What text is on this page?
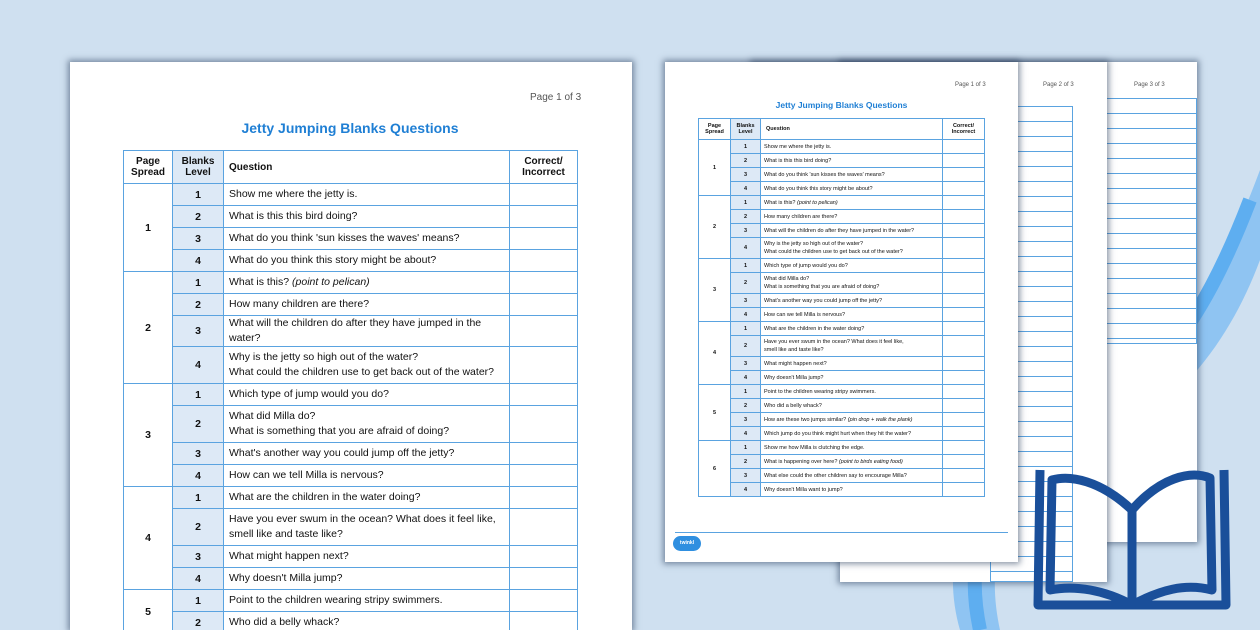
Page 3 of 3
Page 2 of 3
Page 1 of 3
Jetty Jumping Blanks Questions
Page Spread	Blanks Level	Question	Correct/ Incorrect
1	1	Show me where the jetty is.	
	2	What is this this bird doing?	
	3	What do you think 'sun kisses the waves' means?	
	4	What do you think this story might be about?	
2	1	What is this? (point to pelican)	
	2	How many children are there?	
	3	What will the children do after they have jumped in the water?	
	4	Why is the jetty so high out of the water?
What could the children use to get back out of the water?	
3	1	Which type of jump would you do?	
	2	What did Milla do?
What is something that you are afraid of doing?	
	3	What's another way you could jump off the jetty?	
	4	How can we tell Milla is nervous?	
4	1	What are the children in the water doing?	
	2	Have you ever swum in the ocean? What does it feel like,
smell like and taste like?	
	3	What might happen next?	
	4	Why doesn't Milla jump?	
5	1	Point to the children wearing stripy swimmers.	
	2	Who did a belly whack?	
	3	How are these two jumps similar? (pin drop + walk the plank)	
	4	Which jump do you think might hurt when they hit the water?	
6	1	Show me how Milla is clutching the edge.	
	2	What is happening over here? (point to birds eating food)	
	3	What else could the other children say to encourage Milla?	
	4	Why doesn't Milla want to jump?	
twinkl
Page 1 of 3
Jetty Jumping Blanks Questions
Page Spread	Blanks Level	Question	Correct/ Incorrect
1	1	Show me where the jetty is.	
	2	What is this this bird doing?	
	3	What do you think 'sun kisses the waves' means?	
	4	What do you think this story might be about?	
2	1	What is this? (point to pelican)	
	2	How many children are there?	
	3	What will the children do after they have jumped in the water?	
	4	Why is the jetty so high out of the water?
What could the children use to get back out of the water?	
3	1	Which type of jump would you do?	
	2	What did Milla do?
What is something that you are afraid of doing?	
	3	What's another way you could jump off the jetty?	
	4	How can we tell Milla is nervous?	
4	1	What are the children in the water doing?	
	2	Have you ever swum in the ocean? What does it feel like,
smell like and taste like?	
	3	What might happen next?	
	4	Why doesn't Milla jump?	
5	1	Point to the children wearing stripy swimmers.	
	2	Who did a belly whack?	
